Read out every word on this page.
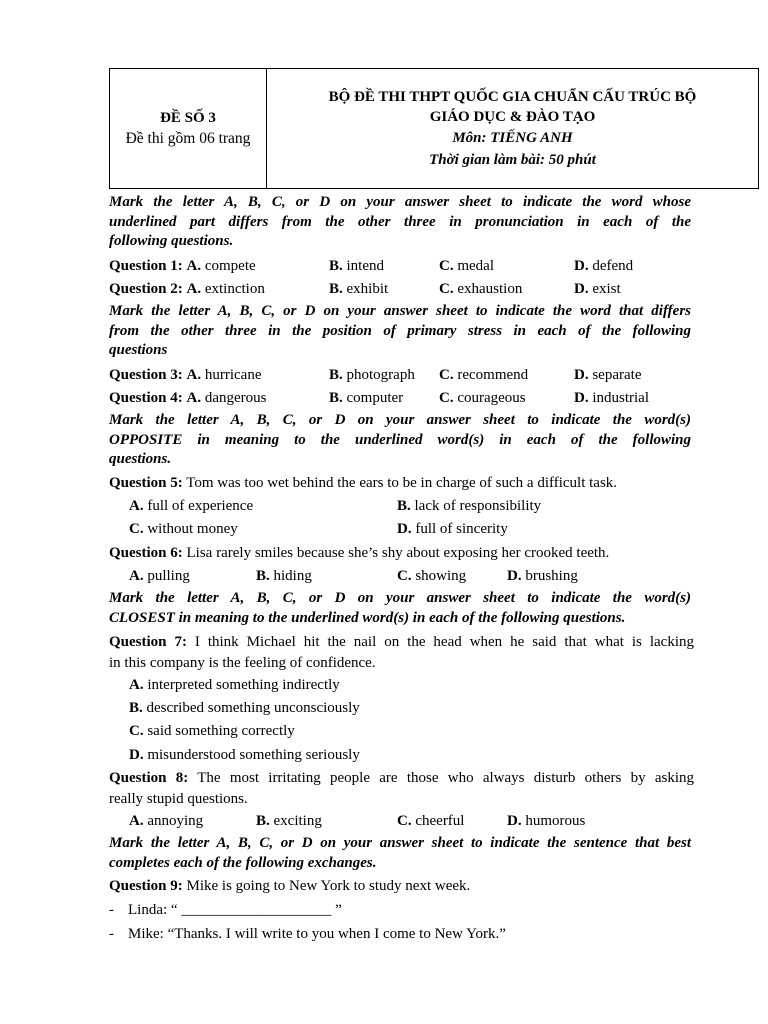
ĐỀ SỐ 3
Đề thi gồm 06 trang
BỘ ĐỀ THI THPT QUỐC GIA CHUẨN CẤU TRÚC BỘ
GIÁO DỤC & ĐÀO TẠO
Môn: TIẾNG ANH
Thời gian làm bài: 50 phút
Mark the letter A, B, C, or D on your answer sheet to indicate the word whose
underlined part differs from the other three in pronunciation in each of the
following questions.
Question 1: A. compete	B. intend	C. medal	D. defend
Question 2: A. extinction	B. exhibit	C. exhaustion	D. exist
Mark the letter A, B, C, or D on your answer sheet to indicate the word that differs
from the other three in the position of primary stress in each of the following
questions
Question 3: A. hurricane	B. photograph C. recommend	D. separate
Question 4: A. dangerous	B. computer C. courageous	D. industrial
Mark the letter A, B, C, or D on your answer sheet to indicate the word(s)
OPPOSITE in meaning to the underlined word(s) in each of the following
questions.
Question 5: Tom was too wet behind the ears to be in charge of such a difficult task.
A. full of experience	B. lack of responsibility
C. without money	D. full of sincerity
Question 6: Lisa rarely smiles because she’s shy about exposing her crooked teeth.
A. pulling	B. hiding	C. showing	D. brushing
Mark the letter A, B, C, or D on your answer sheet to indicate the word(s)
CLOSEST in meaning to the underlined word(s) in each of the following questions.
Question 7: I think Michael hit the nail on the head when he said that what is lacking
in this company is the feeling of confidence.
A. interpreted something indirectly
B. described something unconsciously
C. said something correctly
D. misunderstood something seriously
Question 8: The most irritating people are those who always disturb others by asking
really stupid questions.
A. annoying	B. exciting	C. cheerful	D. humorous
Mark the letter A, B, C, or D on your answer sheet to indicate the sentence that best
completes each of the following exchanges.
Question 9: Mike is going to New York to study next week.
- Linda: “ ____________________ ”
- Mike: “Thanks. I will write to you when I come to New York.”
